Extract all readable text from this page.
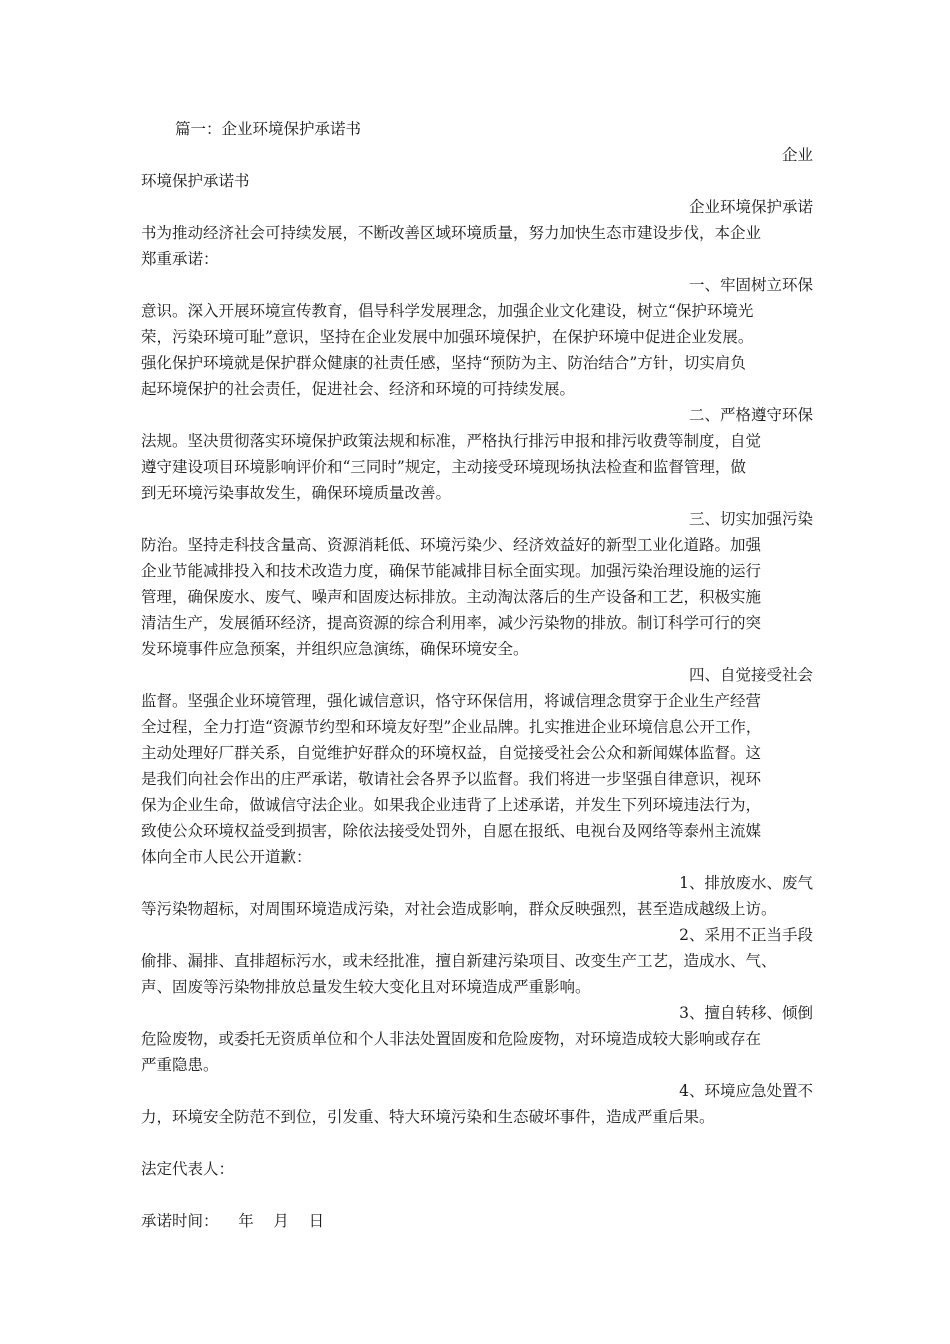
篇一：企业环境保护承诺书
企业
环境保护承诺书
企业环境保护承诺
书为推动经济社会可持续发展，不断改善区域环境质量，努力加快生态市建设步伐，本企业
郑重承诺：
一、牢固树立环保
意识。深入开展环境宣传教育，倡导科学发展理念，加强企业文化建设，树立“保护环境光
荣，污染环境可耻”意识，坚持在企业发展中加强环境保护，在保护环境中促进企业发展。
强化保护环境就是保护群众健康的社责任感，坚持“预防为主、防治结合”方针，切实肩负
起环境保护的社会责任，促进社会、经济和环境的可持续发展。
二、严格遵守环保
法规。坚决贯彻落实环境保护政策法规和标准，严格执行排污申报和排污收费等制度，自觉
遵守建设项目环境影响评价和“三同时”规定，主动接受环境现场执法检查和监督管理，做
到无环境污染事故发生，确保环境质量改善。
三、切实加强污染
防治。坚持走科技含量高、资源消耗低、环境污染少、经济效益好的新型工业化道路。加强
企业节能减排投入和技术改造力度，确保节能减排目标全面实现。加强污染治理设施的运行
管理，确保废水、废气、噪声和固废达标排放。主动淘汰落后的生产设备和工艺，积极实施
清洁生产，发展循环经济，提高资源的综合利用率，减少污染物的排放。制订科学可行的突
发环境事件应急预案，并组织应急演练，确保环境安全。
四、自觉接受社会
监督。坚强企业环境管理，强化诚信意识，恪守环保信用，将诚信理念贯穿于企业生产经营
全过程，全力打造“资源节约型和环境友好型”企业品牌。扎实推进企业环境信息公开工作，
主动处理好厂群关系，自觉维护好群众的环境权益，自觉接受社会公众和新闻媒体监督。这
是我们向社会作出的庄严承诺，敬请社会各界予以监督。我们将进一步坚强自律意识，视环
保为企业生命，做诚信守法企业。如果我企业违背了上述承诺，并发生下列环境违法行为，
致使公众环境权益受到损害，除依法接受处罚外，自愿在报纸、电视台及网络等泰州主流媒
体向全市人民公开道歉：
1、排放废水、废气
等污染物超标，对周围环境造成污染，对社会造成影响，群众反映强烈，甚至造成越级上访。
2、采用不正当手段
偷排、漏排、直排超标污水，或未经批准，擅自新建污染项目、改变生产工艺，造成水、气、
声、固废等污染物排放总量发生较大变化且对环境造成严重影响。
3、擅自转移、倾倒
危险废物，或委托无资质单位和个人非法处置固废和危险废物，对环境造成较大影响或存在
严重隐患。
4、环境应急处置不
力，环境安全防范不到位，引发重、特大环境污染和生态破坏事件，造成严重后果。
法定代表人：
承诺时间：    年    月    日
